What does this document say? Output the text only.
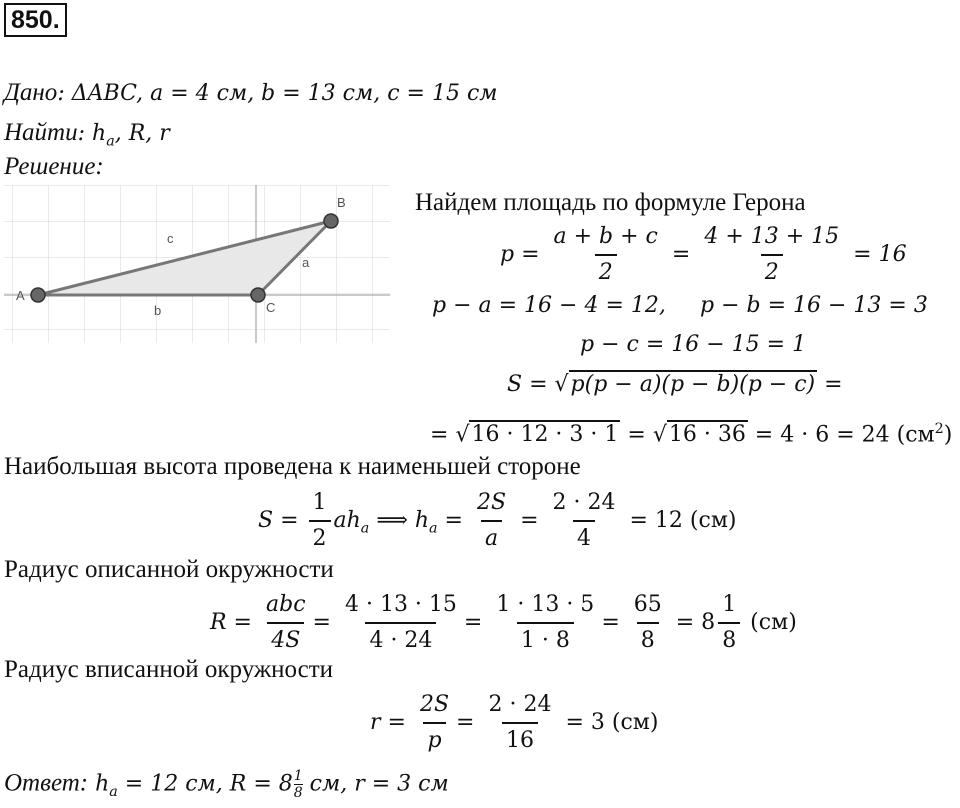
850.
Дано: ΔABC, a = 4 см, b = 13 см, c = 15 см
Найти: $h_a$, R, r
Решение:
A
B
C
a
b
c
Найдем площадь по формуле Герона
$p = \frac{a + b + c}{2} = \frac{4 + 13 + 15}{2} = 16$
p − a = 16 − 4 = 12, p − b = 16 − 13 = 3
p − c = 16 − 15 = 1
S = √p(p − a)(p − b)(p − c) =
= √16 · 12 · 3 · 1 = √16 · 36 = 4 · 6 = 24 $(см^2)$
Наибольшая высота проведена к наименьшей стороне
$S = \frac{1}{2} ah_a$ ⟹ $h_a = \frac{2S}{a} = \frac{2 \cdot 24}{4} = 12$ (см)
Радиус описанной окружности
$R = \frac{\text{abc}}{4S} = \frac{4 \cdot 13 \cdot 15}{4 \cdot 24} = \frac{1 \cdot 13 \cdot 5}{1 \cdot 8} = \frac{65}{8} = 8 \frac{1}{8} (см)$
Радиус вписанной окружности
$r = \frac{2S}{p} = \frac{2 \cdot 24}{16} = 3$ (см)
Ответ: $h_a = 12$ см, $R = 8 \frac{1}{8}$ см, r = 3 см
